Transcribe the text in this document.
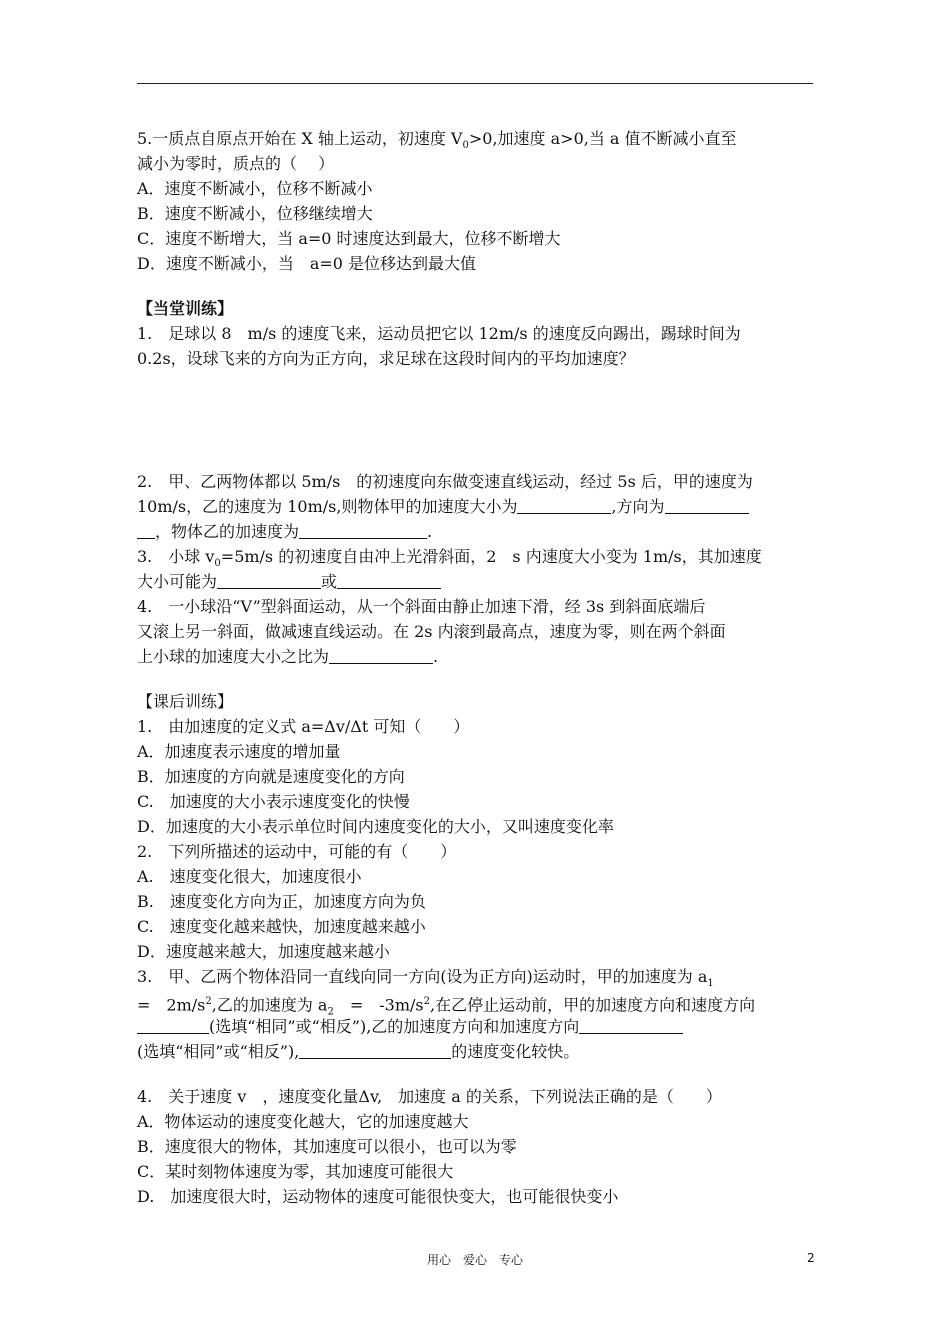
5.一质点自原点开始在 X 轴上运动，初速度 $V_0>0$,加速度 a>0,当 a 值不断减小直至
减小为零时，质点的（　 ）
A．速度不断减小，位移不断减小
B．速度不断减小，位移继续增大
C．速度不断增大，当 a=0 时速度达到最大，位移不断增大
D．速度不断减小，当　a=0 是位移达到最大值
【当堂训练】
1.　足球以 8　m/s 的速度飞来，运动员把它以 12m/s 的速度反向踢出，踢球时间为
0.2s，设球飞来的方向为正方向，求足球在这段时间内的平均加速度？
2.　甲、乙两物体都以 5m/s　的初速度向东做变速直线运动，经过 5s 后，甲的速度为
10m/s，乙的速度为 10m/s,则物体甲的加速度大小为	,方向为
，物体乙的加速度为	.
3.　小球 $v_0=5m/s$ 的初速度自由冲上光滑斜面，2　s 内速度大小变为 1m/s，其加速度
大小可能为	或
4.　一小球沿“V”型斜面运动，从一个斜面由静止加速下滑，经 3s 到斜面底端后
又滚上另一斜面，做减速直线运动。在 2s 内滚到最高点，速度为零，则在两个斜面
上小球的加速度大小之比为	.
【课后训练】
1.　由加速度的定义式 a=Δv/Δt 可知（　　）
A．加速度表示速度的增加量
B．加速度的方向就是速度变化的方向
C.　加速度的大小表示速度变化的快慢
D．加速度的大小表示单位时间内速度变化的大小，又叫速度变化率
2.　下列所描述的运动中，可能的有（　　）
A.　速度变化很大，加速度很小
B.　速度变化方向为正，加速度方向为负
C.　速度变化越来越快，加速度越来越小
D．速度越来越大，加速度越来越小
3.　甲、乙两个物体沿同一直线向同一方向(设为正方向)运动时，甲的加速度为 $a_1$
=　$2m/s^2$,乙的加速度为 $a_2$　=　$-3m/s^2$,在乙停止运动前，甲的加速度方向和速度方向
(选填“相同”或“相反”),乙的加速度方向和加速度方向
(选填“相同”或“相反”),	的速度变化较快。
4.　关于速度 v　，速度变化量Δv,　加速度 a 的关系，下列说法正确的是（　　）
A．物体运动的速度变化越大，它的加速度越大
B．速度很大的物体，其加速度可以很小，也可以为零
C．某时刻物体速度为零，其加速度可能很大
D.　加速度很大时，运动物体的速度可能很快变大，也可能很快变小
用心　爱心　专心	2
